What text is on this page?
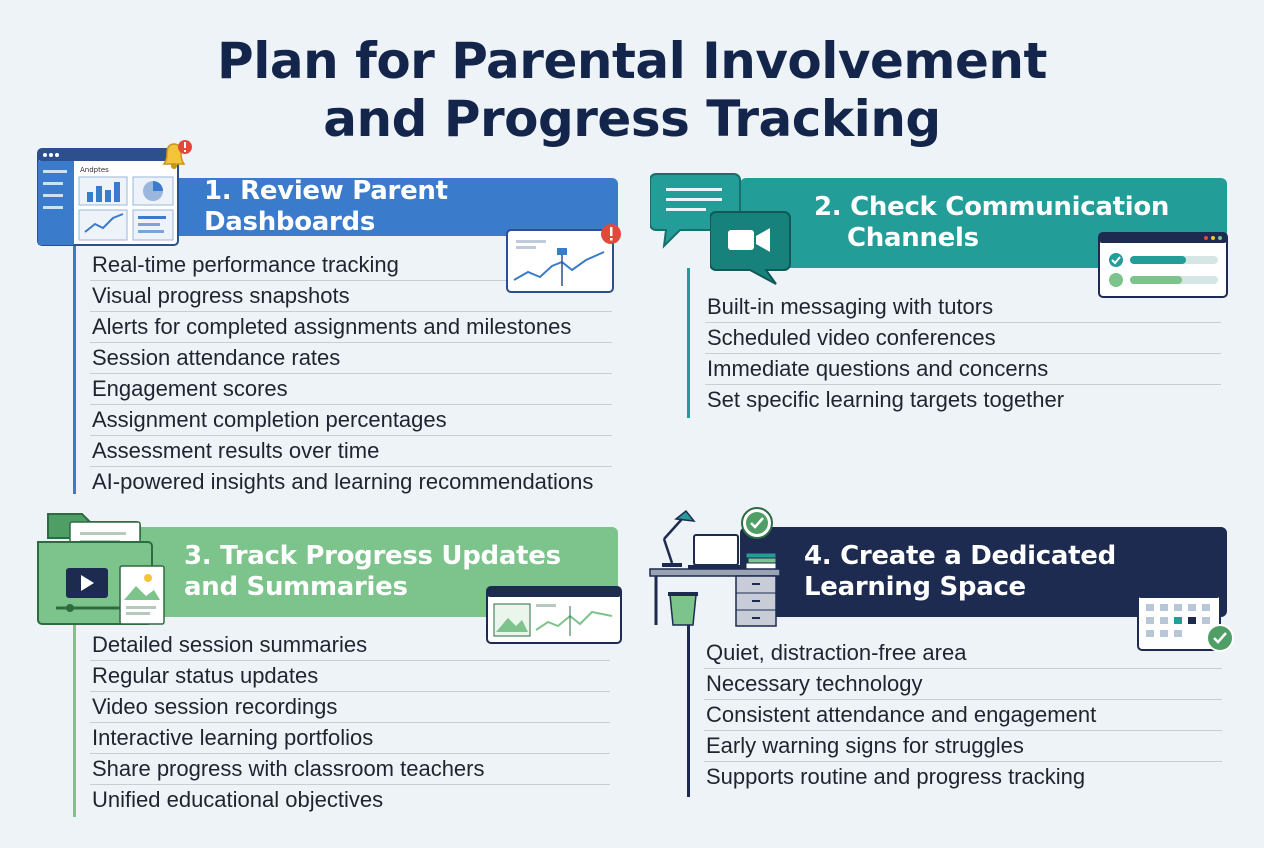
Plan for Parental Involvement
and Progress Tracking
1. Review Parent Dashboards
Real-time performance tracking
Visual progress snapshots
Alerts for completed assignments and milestones
Session attendance rates
Engagement scores
Assignment completion percentages
Assessment results over time
AI-powered insights and learning recommendations
Andptes
2. Check Communication
Channels
Built-in messaging with tutors
Scheduled video conferences
Immediate questions and concerns
Set specific learning targets together
3. Track Progress Updates
and Summaries
Detailed session summaries
Regular status updates
Video session recordings
Interactive learning portfolios
Share progress with classroom teachers
Unified educational objectives
4. Create a Dedicated
Learning Space
Quiet, distraction-free area
Necessary technology
Consistent attendance and engagement
Early warning signs for struggles
Supports routine and progress tracking
